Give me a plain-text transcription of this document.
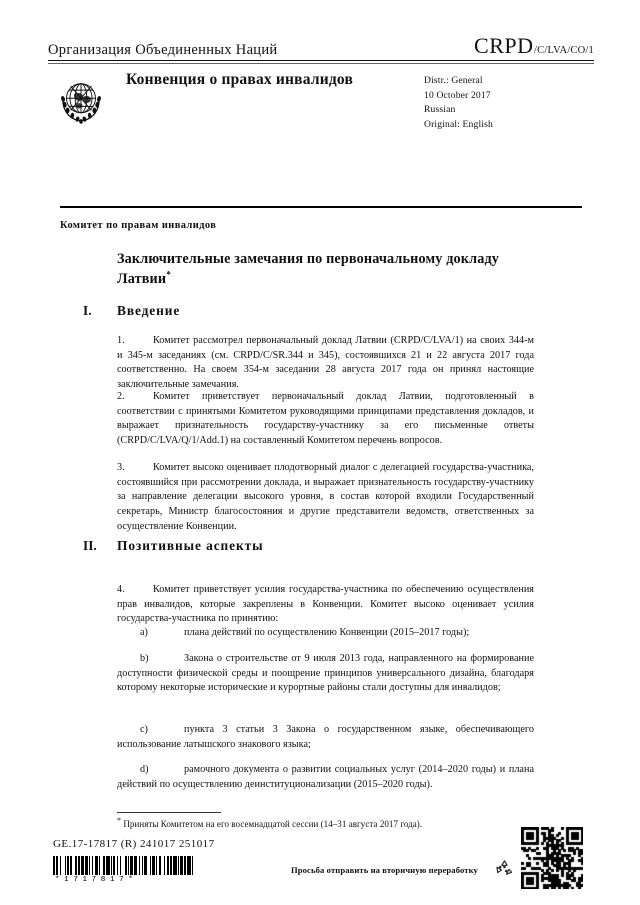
Организация Объединенных Наций	CRPD /C/LVA/CO/1
Конвенция о правах инвалидов	Distr.: General
10 October 2017
Russian
Original: English
Комитет по правам инвалидов
Заключительные замечания по первоначальному докладу Латвии*
I.	Введение
1.	Комитет рассмотрел первоначальный доклад Латвии (CRPD/C/LVA/1) на своих 344-м и 345-м заседаниях (см. CRPD/C/SR.344 и 345), состоявшихся 21 и 22 августа 2017 года соответственно. На своем 354-м заседании 28 августа 2017 года он принял настоящие заключительные замечания.
2.	Комитет приветствует первоначальный доклад Латвии, подготовленный в соответствии с принятыми Комитетом руководящими принципами представления докладов, и выражает признательность государству-участнику за его письменные ответы (CRPD/C/LVA/Q/1/Add.1) на составленный Комитетом перечень вопросов.
3.	Комитет высоко оценивает плодотворный диалог с делегацией государства-участника, состоявшийся при рассмотрении доклада, и выражает признательность государству-участнику за направление делегации высокого уровня, в состав которой входили Государственный секретарь, Министр благосостояния и другие представители ведомств, ответственных за осуществление Конвенции.
II.	Позитивные аспекты
4.	Комитет приветствует усилия государства-участника по обеспечению осуществления прав инвалидов, которые закреплены в Конвенции. Комитет высоко оценивает усилия государства-участника по принятию:
a)	плана действий по осуществлению Конвенции (2015–2017 годы);
b)	Закона о строительстве от 9 июля 2013 года, направленного на формирование доступности физической среды и поощрение принципов универсального дизайна, благодаря которому некоторые исторические и курортные районы стали доступны для инвалидов;
c)	пункта 3 статьи 3 Закона о государственном языке, обеспечивающего использование латышского знакового языка;
d)	рамочного документа о развитии социальных услуг (2014–2020 годы) и плана действий по осуществлению деинституционализации (2015–2020 годы).
* Приняты Комитетом на его восемнадцатой сессии (14–31 августа 2017 года).
GE.17-17817 (R) 241017 251017
*1717817*
Просьба отправить на вторичную переработку
